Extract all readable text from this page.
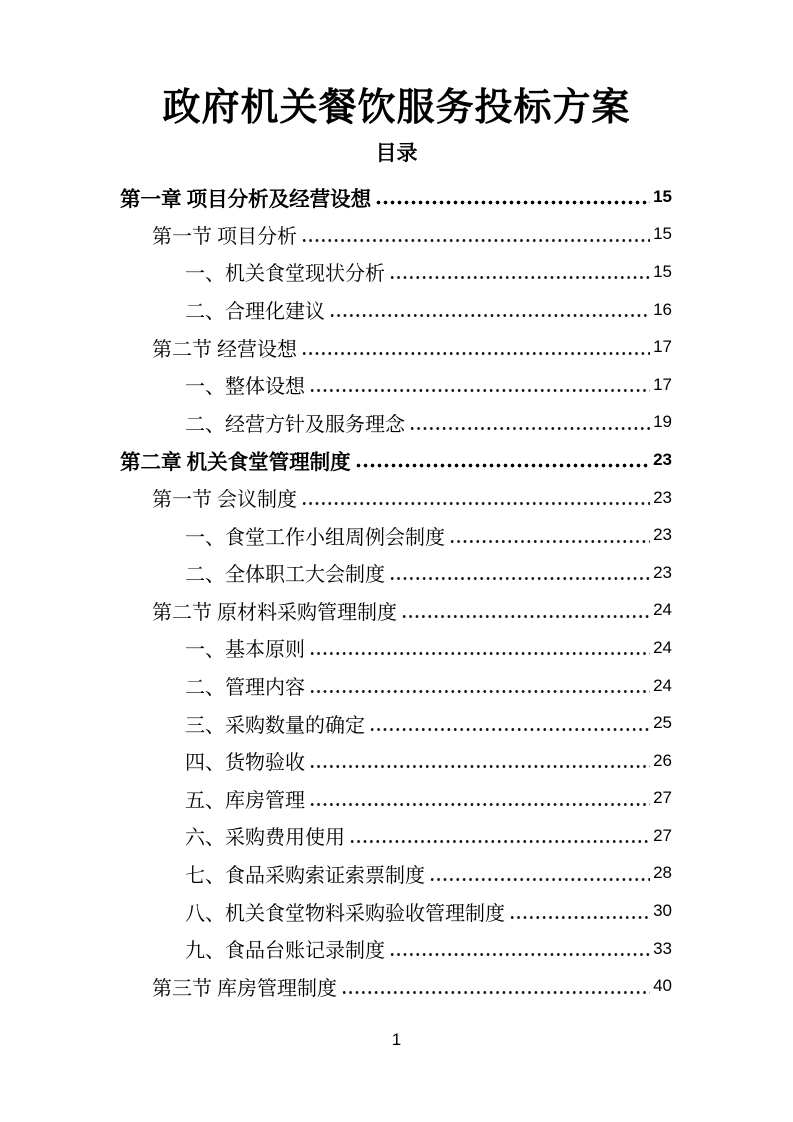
政府机关餐饮服务投标方案
目录
第一章 项目分析及经营设想	15
第一节 项目分析	15
一、机关食堂现状分析	15
二、合理化建议	16
第二节 经营设想	17
一、整体设想	17
二、经营方针及服务理念	19
第二章 机关食堂管理制度	23
第一节 会议制度	23
一、食堂工作小组周例会制度	23
二、全体职工大会制度	23
第二节 原材料采购管理制度	24
一、基本原则	24
二、管理内容	24
三、采购数量的确定	25
四、货物验收	26
五、库房管理	27
六、采购费用使用	27
七、食品采购索证索票制度	28
八、机关食堂物料采购验收管理制度	30
九、食品台账记录制度	33
第三节 库房管理制度	40
1
